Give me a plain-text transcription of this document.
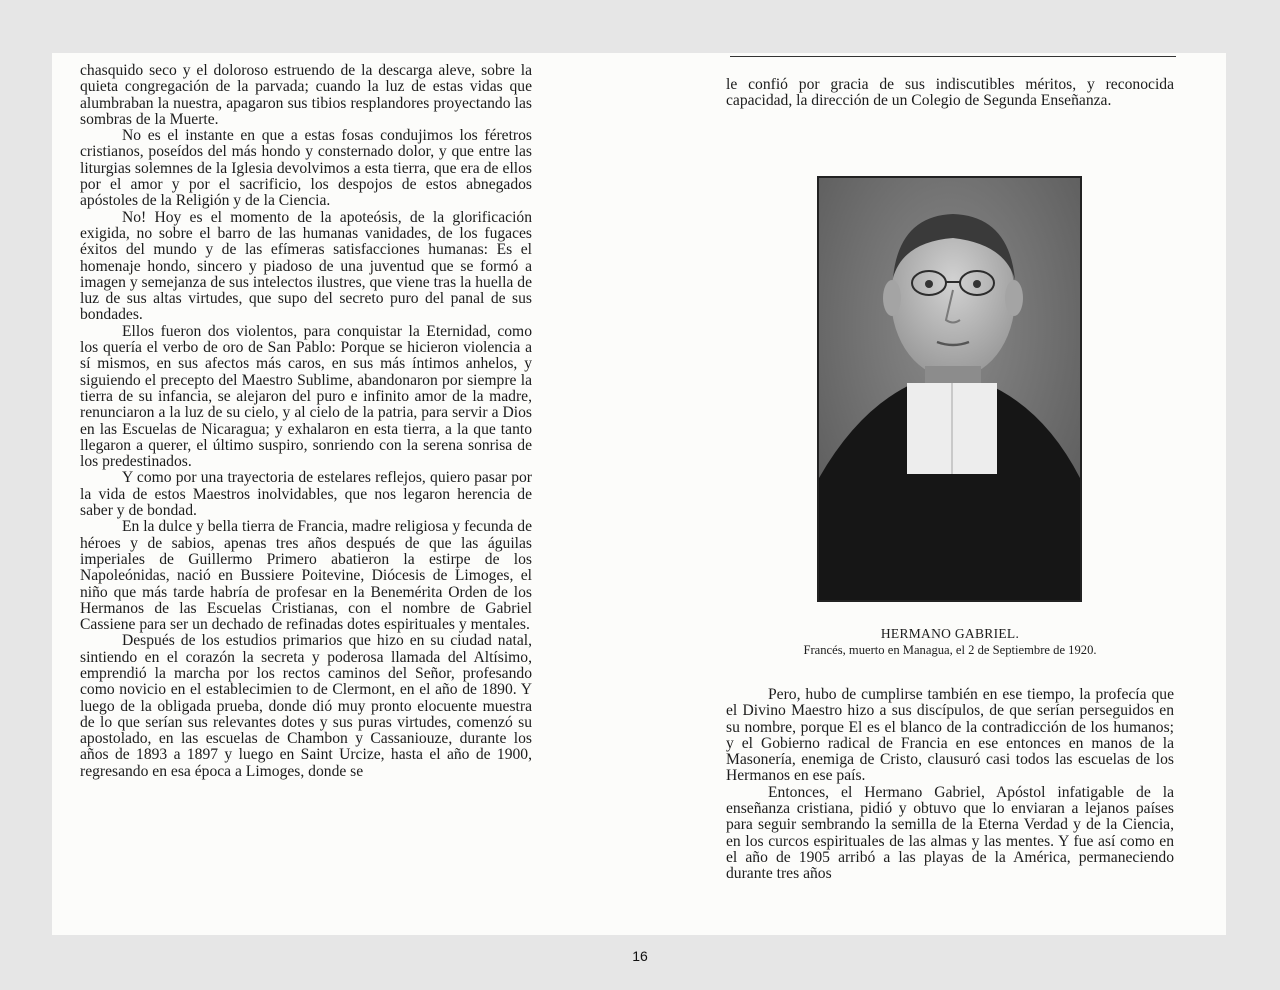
chasquido seco y el doloroso estruendo de la descarga aleve, sobre la quieta congregación de la parvada; cuando la luz de estas vidas que alumbraban la nuestra, apagaron sus tibios resplandores proyectando las sombras de la Muerte.

No es el instante en que a estas fosas condujimos los féretros cristianos, poseídos del más hondo y consternado dolor, y que entre las liturgias solemnes de la Iglesia devolvimos a esta tierra, que era de ellos por el amor y por el sacrificio, los despojos de estos abnegados apóstoles de la Religión y de la Ciencia.

No! Hoy es el momento de la apoteósis, de la glorificación exigida, no sobre el barro de las humanas vanidades, de los fugaces éxitos del mundo y de las efímeras satisfacciones humanas: Es el homenaje hondo, sincero y piadoso de una juventud que se formó a imagen y semejanza de sus intelectos ilustres, que viene tras la huella de luz de sus altas virtudes, que supo del secreto puro del panal de sus bondades.

Ellos fueron dos violentos, para conquistar la Eternidad, como los quería el verbo de oro de San Pablo: Porque se hicieron violencia a sí mismos, en sus afectos más caros, en sus más íntimos anhelos, y siguiendo el precepto del Maestro Sublime, abandonaron por siempre la tierra de su infancia, se alejaron del puro e infinito amor de la madre, renunciaron a la luz de su cielo, y al cielo de la patria, para servir a Dios en las Escuelas de Nicaragua; y exhalaron en esta tierra, a la que tanto llegaron a querer, el último suspiro, sonriendo con la serena sonrisa de los predestinados.

Y como por una trayectoria de estelares reflejos, quiero pasar por la vida de estos Maestros inolvidables, que nos legaron herencia de saber y de bondad.

En la dulce y bella tierra de Francia, madre religiosa y fecunda de héroes y de sabios, apenas tres años después de que las águilas imperiales de Guillermo Primero abatieron la estirpe de los Napoleónidas, nació en Bussiere Poitevine, Diócesis de Limoges, el niño que más tarde habría de profesar en la Benemérita Orden de los Hermanos de las Escuelas Cristianas, con el nombre de Gabriel Cassiene para ser un dechado de refinadas dotes espirituales y mentales.

Después de los estudios primarios que hizo en su ciudad natal, sintiendo en el corazón la secreta y poderosa llamada del Altísimo, emprendió la marcha por los rectos caminos del Señor, profesando como novicio en el establecimien to de Clermont, en el año de 1890. Y luego de la obligada prueba, donde dió muy pronto elocuente muestra de lo que serían sus relevantes dotes y sus puras virtudes, comenzó su apostolado, en las escuelas de Chambon y Cassaniouze, durante los años de 1893 a 1897 y luego en Saint Urcize, hasta el año de 1900, regresando en esa época a Limoges, donde se

le confió por gracia de sus indiscutibles méritos, y reconocida capacidad, la dirección de un Colegio de Segunda Enseñanza.

HERMANO GABRIEL.
Francés, muerto en Managua, el 2 de Septiembre de 1920.

Pero, hubo de cumplirse también en ese tiempo, la profecía que el Divino Maestro hizo a sus discípulos, de que serían perseguidos en su nombre, porque El es el blanco de la contradicción de los humanos; y el Gobierno radical de Francia en ese entonces en manos de la Masonería, enemiga de Cristo, clausuró casi todos las escuelas de los Hermanos en ese país.

Entonces, el Hermano Gabriel, Apóstol infatigable de la enseñanza cristiana, pidió y obtuvo que lo enviaran a lejanos países para seguir sembrando la semilla de la Eterna Verdad y de la Ciencia, en los curcos espirituales de las almas y las mentes. Y fue así como en el año de 1905 arribó a las playas de la América, permaneciendo durante tres años

16
